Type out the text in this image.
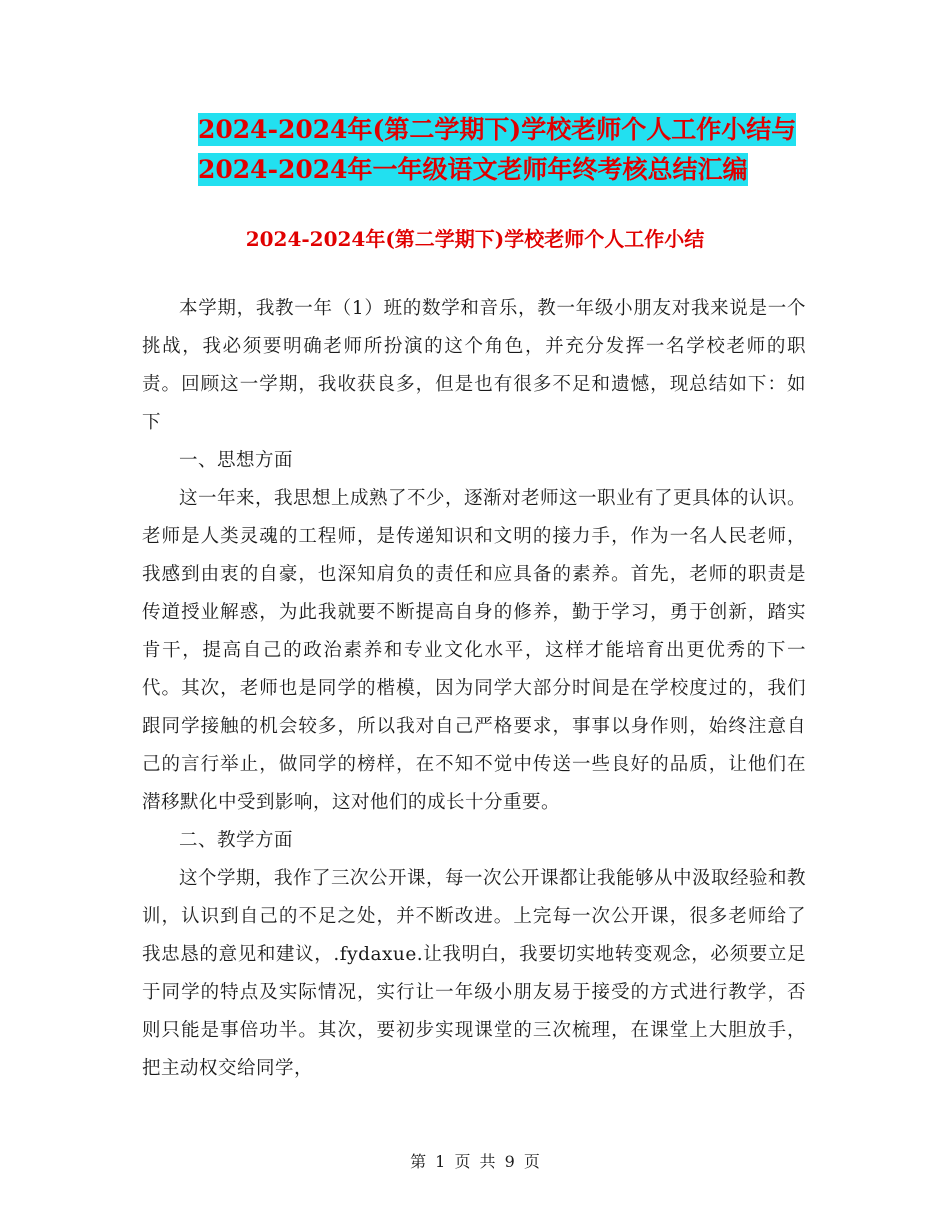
2024-2024年(第二学期下)学校老师个人工作小结与
2024-2024年一年级语文老师年终考核总结汇编
2024-2024年(第二学期下)学校老师个人工作小结

本学期，我教一年（1）班的数学和音乐，教一年级小朋友对我来说是一个挑战，我必须要明确老师所扮演的这个角色，并充分发挥一名学校老师的职责。回顾这一学期，我收获良多，但是也有很多不足和遗憾，现总结如下：如下

一、思想方面

这一年来，我思想上成熟了不少，逐渐对老师这一职业有了更具体的认识。老师是人类灵魂的工程师，是传递知识和文明的接力手，作为一名人民老师，我感到由衷的自豪，也深知肩负的责任和应具备的素养。首先，老师的职责是传道授业解惑，为此我就要不断提高自身的修养，勤于学习，勇于创新，踏实肯干，提高自己的政治素养和专业文化水平，这样才能培育出更优秀的下一代。其次，老师也是同学的楷模，因为同学大部分时间是在学校度过的，我们跟同学接触的机会较多，所以我对自己严格要求，事事以身作则，始终注意自己的言行举止，做同学的榜样，在不知不觉中传送一些良好的品质，让他们在潜移默化中受到影响，这对他们的成长十分重要。

二、教学方面

这个学期，我作了三次公开课，每一次公开课都让我能够从中汲取经验和教训，认识到自己的不足之处，并不断改进。上完每一次公开课，很多老师给了我忠恳的意见和建议，.fydaxue.让我明白，我要切实地转变观念，必须要立足于同学的特点及实际情况，实行让一年级小朋友易于接受的方式进行教学，否则只能是事倍功半。其次，要初步实现课堂的三次梳理，在课堂上大胆放手，把主动权交给同学，

第 1 页 共 9 页
